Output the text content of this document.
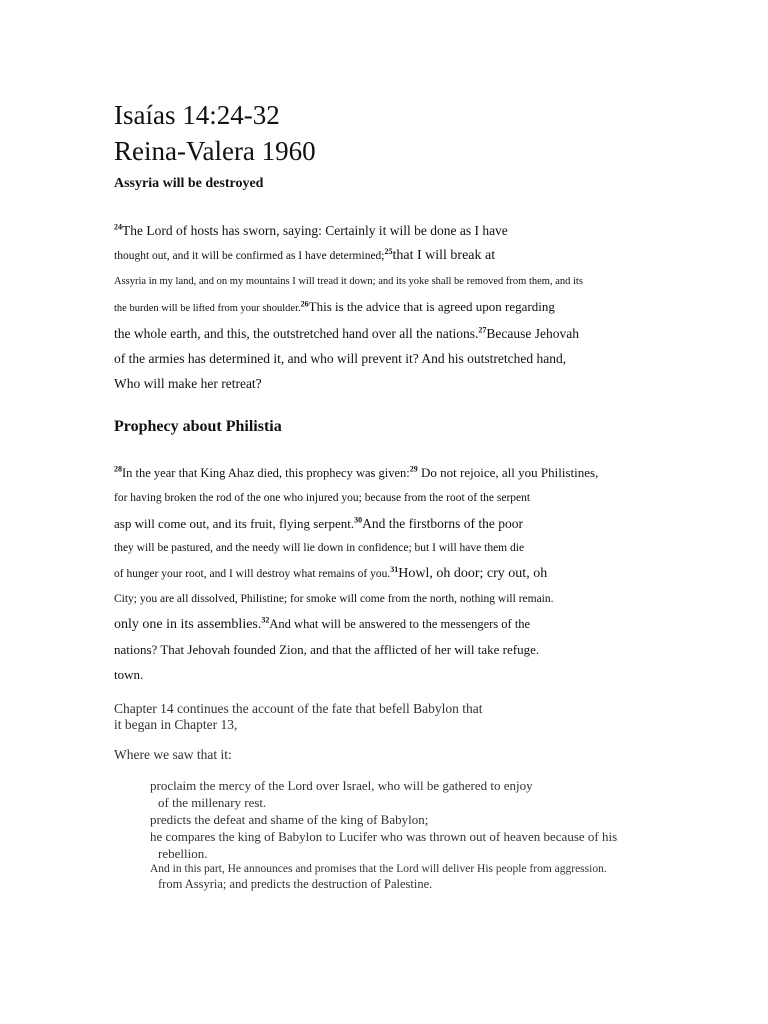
Isaías 14:24-32
Reina-Valera 1960

Assyria will be destroyed

$^{24}$The Lord of hosts has sworn, saying: Certainly it will be done as I have

thought out, and it will be confirmed as I have determined;$^{25}$that I will break at

Assyria in my land, and on my mountains I will tread it down; and its yoke shall be removed from them, and its

the burden will be lifted from your shoulder.$^{26}$This is the advice that is agreed upon regarding

the whole earth, and this, the outstretched hand over all the nations.$^{27}$Because Jehovah

of the armies has determined it, and who will prevent it? And his outstretched hand,

Who will make her retreat?

Prophecy about Philistia

$^{28}$In the year that King Ahaz died, this prophecy was given:$^{29}$ Do not rejoice, all you Philistines,

for having broken the rod of the one who injured you; because from the root of the serpent

asp will come out, and its fruit, flying serpent.$^{30}$And the firstborns of the poor

they will be pastured, and the needy will lie down in confidence; but I will have them die

of hunger your root, and I will destroy what remains of you.$^{31}$Howl, oh door; cry out, oh

City; you are all dissolved, Philistine; for smoke will come from the north, nothing will remain.

only one in its assemblies.$^{32}$And what will be answered to the messengers of the

nations? That Jehovah founded Zion, and that the afflicted of her will take refuge.

town.

Chapter 14 continues the account of the fate that befell Babylon that

it began in Chapter 13,

Where we saw that it:

proclaim the mercy of the Lord over Israel, who will be gathered to enjoy
of the millenary rest.
predicts the defeat and shame of the king of Babylon;
he compares the king of Babylon to Lucifer who was thrown out of heaven because of his
rebellion.
And in this part, He announces and promises that the Lord will deliver His people from aggression.
from Assyria; and predicts the destruction of Palestine.
